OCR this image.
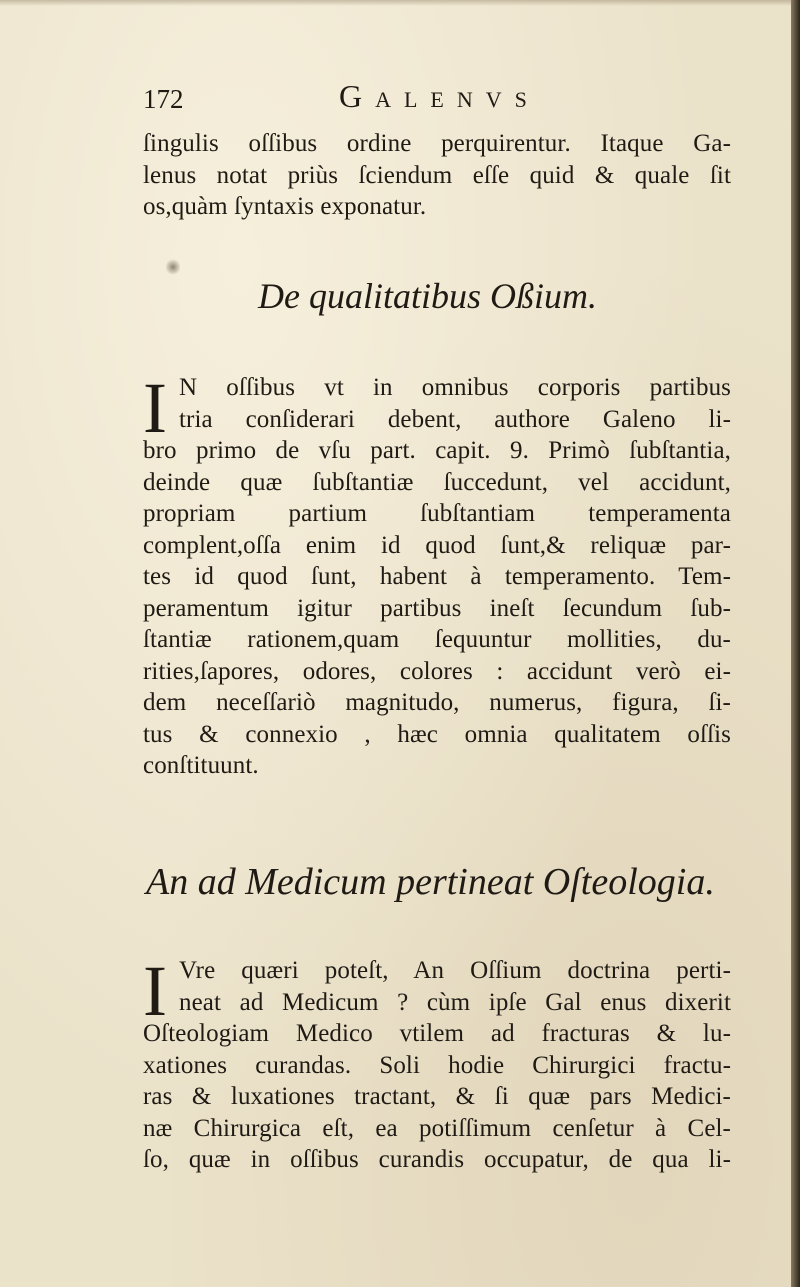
172	Galenvs
ſingulis oſſibus ordine perquirentur. Itaque Ga-
lenus notat priùs ſciendum eſſe quid & quale ſit
os,quàm ſyntaxis exponatur.
De qualitatibus Oßium.
I N oſſibus vt in omnibus corporis partibus
tria conſiderari debent, authore Galeno li-
bro primo de vſu part. capit. 9. Primò ſubſtantia,
deinde quæ ſubſtantiæ ſuccedunt, vel accidunt,
propriam partium ſubſtantiam temperamenta
complent,oſſa enim id quod ſunt,& reliquæ par-
tes id quod ſunt, habent à temperamento. Tem-
peramentum igitur partibus ineſt ſecundum ſub-
ſtantiæ rationem,quam ſequuntur mollities, du-
rities,ſapores, odores, colores : accidunt verò ei-
dem neceſſariò magnitudo, numerus, figura, ſi-
tus & connexio , hæc omnia qualitatem oſſis
conſtituunt.
An ad Medicum pertineat Oſteologia.
I Vre quæri poteſt, An Oſſium doctrina perti-
neat ad Medicum ? cùm ipſe Gal enus dixerit
Oſteologiam Medico vtilem ad fracturas & lu-
xationes curandas. Soli hodie Chirurgici fractu-
ras & luxationes tractant, & ſi quæ pars Medici-
næ Chirurgica eſt, ea potiſſimum cenſetur à Cel-
ſo, quæ in oſſibus curandis occupatur, de qua li-
